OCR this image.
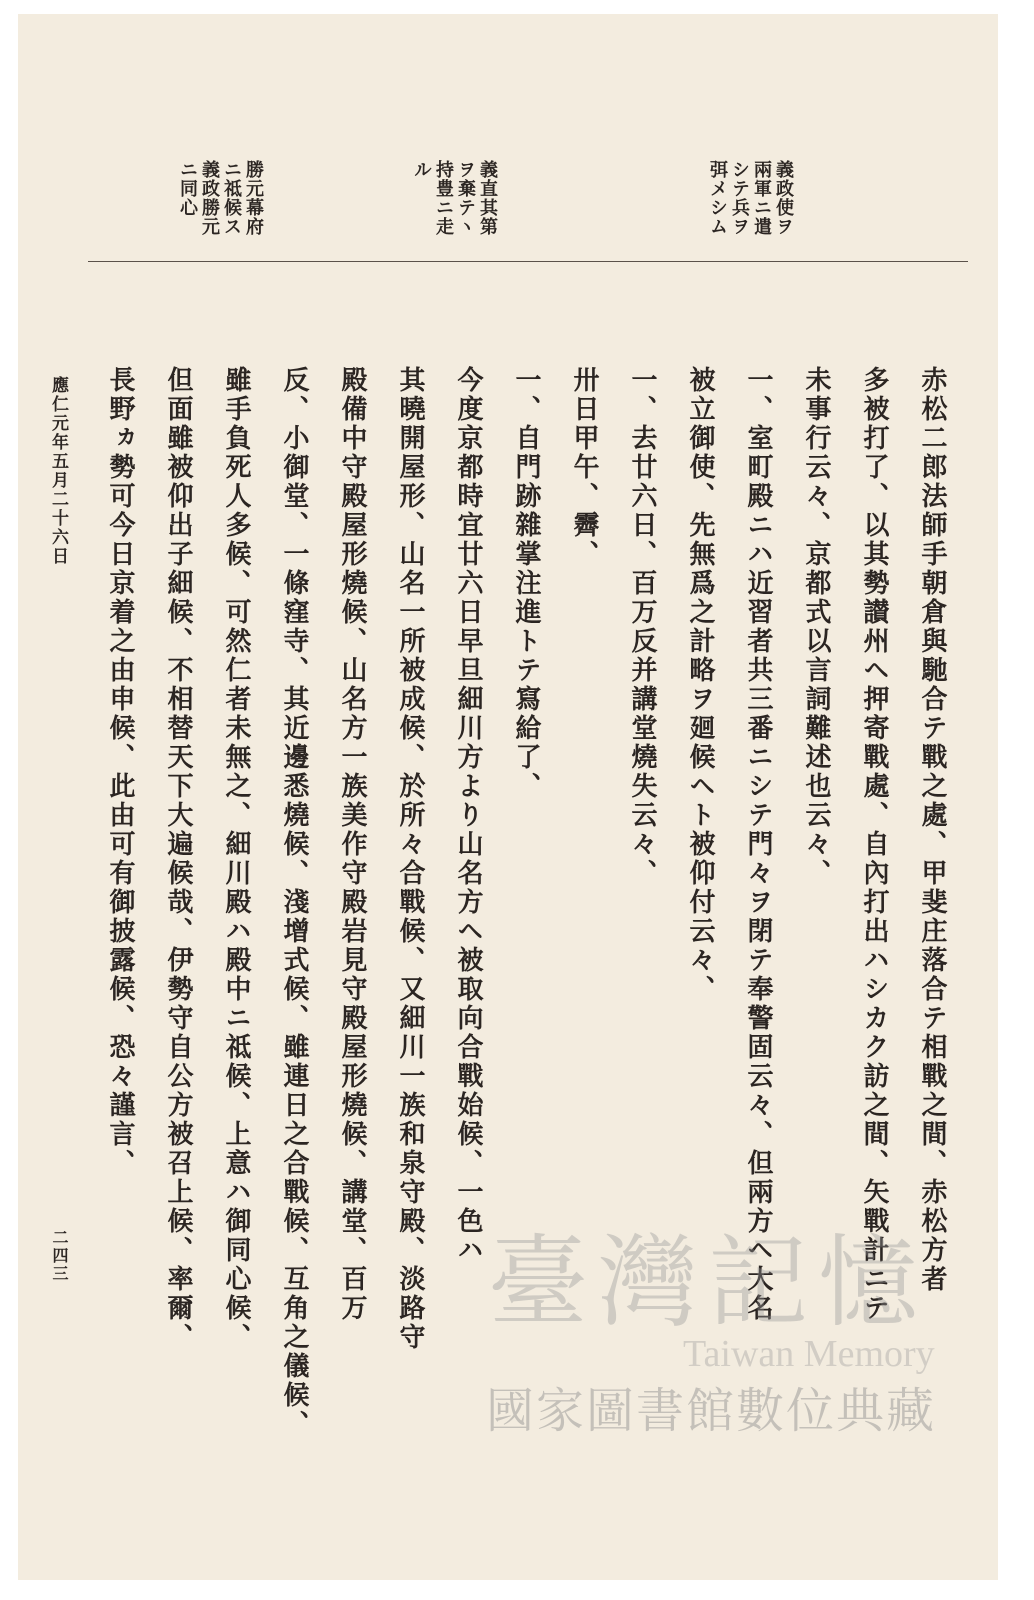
義政使ヲ
兩軍ニ遣
シテ兵ヲ
弭メシム
義直其第
ヲ棄テヽ
持豊ニ走
ル
勝元幕府
ニ祗候ス
義政勝元
ニ同心
赤松二郎法師手朝倉與馳合テ戰之處、甲斐庄落合テ相戰之間、赤松方者
多被打了、以其勢讃州ヘ押寄戰處、自內打出ハシカク訪之間、矢戰計ニテ
未事行云々、京都式以言詞難述也云々、
一、室町殿ニハ近習者共三番ニシテ門々ヲ閉テ奉警固云々、但兩方ヘ大名
被立御使、先無爲之計略ヲ廻候ヘト被仰付云々、
一、去廿六日、百万反并講堂燒失云々、
卅日甲午、霽、
一、自門跡雜掌注進トテ寫給了、
今度京都時宜廿六日早旦細川方より山名方ヘ被取向合戰始候、一色ハ
其曉開屋形、山名一所被成候、於所々合戰候、又細川一族和泉守殿、淡路守
殿備中守殿屋形燒候、山名方一族美作守殿岩見守殿屋形燒候、講堂、百万
反、小御堂、一條窪寺、其近邊悉燒候、淺增式候、雖連日之合戰候、互角之儀候、
雖手負死人多候、可然仁者未無之、細川殿ハ殿中ニ祗候、上意ハ御同心候、
但面雖被仰出子細候、不相替天下大遍候哉、伊勢守自公方被召上候、率爾、
長野ヵ勢可今日京着之由申候、此由可有御披露候、恐々謹言、
應仁元年五月二十六日
二四三	臺灣記憶
Taiwan Memory
國家圖書館數位典藏
